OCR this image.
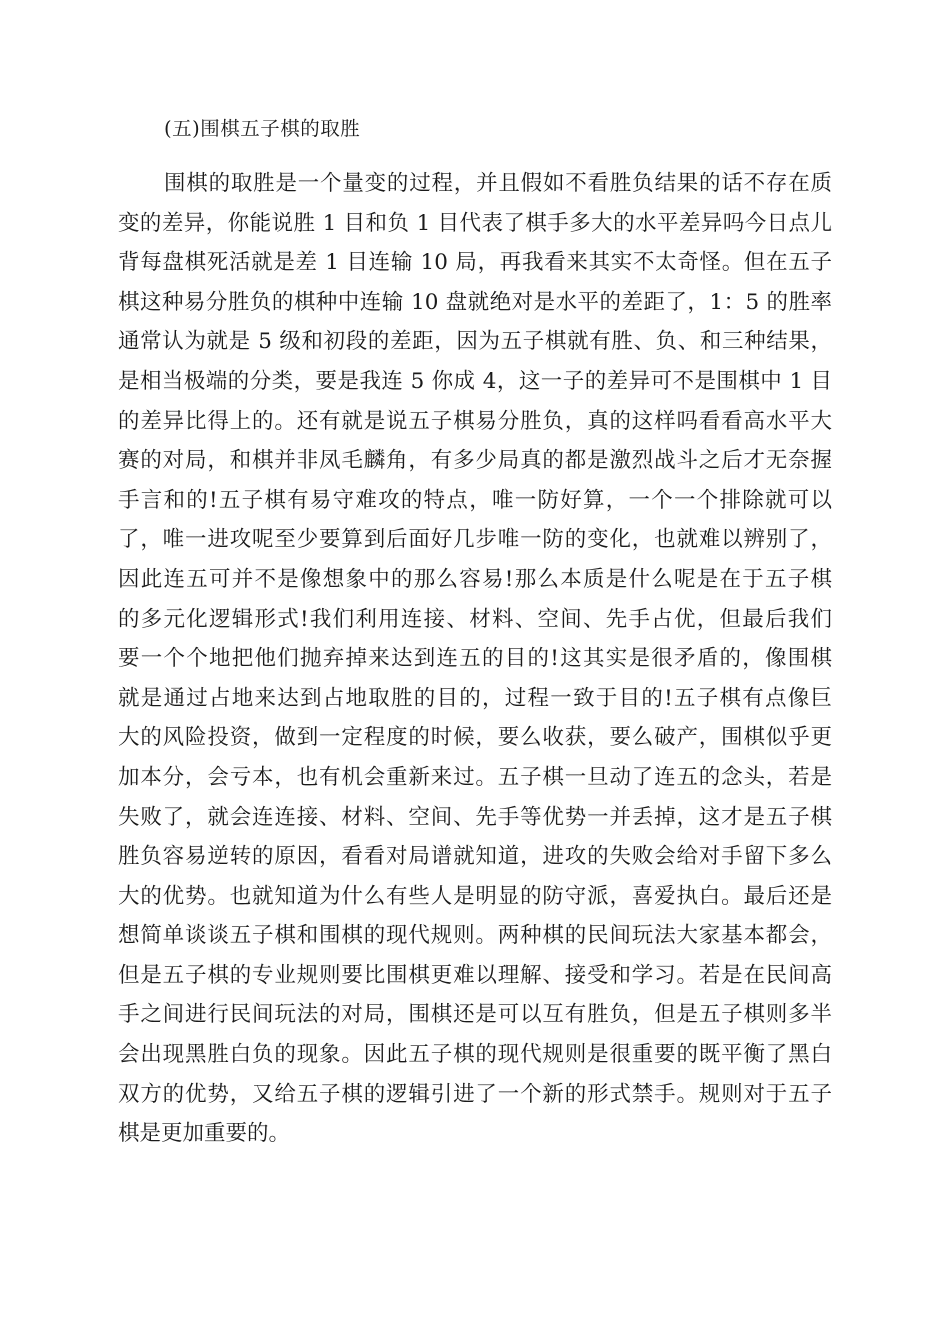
(五)围棋五子棋的取胜
围棋的取胜是一个量变的过程，并且假如不看胜负结果的话不存在质
变的差异，你能说胜 1 目和负 1 目代表了棋手多大的水平差异吗今日点儿
背每盘棋死活就是差 1 目连输 10 局，再我看来其实不太奇怪。但在五子
棋这种易分胜负的棋种中连输 10 盘就绝对是水平的差距了，1：5 的胜率
通常认为就是 5 级和初段的差距，因为五子棋就有胜、负、和三种结果，
是相当极端的分类，要是我连 5 你成 4，这一子的差异可不是围棋中 1 目
的差异比得上的。还有就是说五子棋易分胜负，真的这样吗看看高水平大
赛的对局，和棋并非凤毛麟角，有多少局真的都是激烈战斗之后才无奈握
手言和的!五子棋有易守难攻的特点，唯一防好算，一个一个排除就可以
了，唯一进攻呢至少要算到后面好几步唯一防的变化，也就难以辨别了，
因此连五可并不是像想象中的那么容易!那么本质是什么呢是在于五子棋
的多元化逻辑形式!我们利用连接、材料、空间、先手占优，但最后我们
要一个个地把他们抛弃掉来达到连五的目的!这其实是很矛盾的，像围棋
就是通过占地来达到占地取胜的目的，过程一致于目的!五子棋有点像巨
大的风险投资，做到一定程度的时候，要么收获，要么破产，围棋似乎更
加本分，会亏本，也有机会重新来过。五子棋一旦动了连五的念头，若是
失败了，就会连连接、材料、空间、先手等优势一并丢掉，这才是五子棋
胜负容易逆转的原因，看看对局谱就知道，进攻的失败会给对手留下多么
大的优势。也就知道为什么有些人是明显的防守派，喜爱执白。最后还是
想简单谈谈五子棋和围棋的现代规则。两种棋的民间玩法大家基本都会，
但是五子棋的专业规则要比围棋更难以理解、接受和学习。若是在民间高
手之间进行民间玩法的对局，围棋还是可以互有胜负，但是五子棋则多半
会出现黑胜白负的现象。因此五子棋的现代规则是很重要的既平衡了黑白
双方的优势，又给五子棋的逻辑引进了一个新的形式禁手。规则对于五子
棋是更加重要的。
